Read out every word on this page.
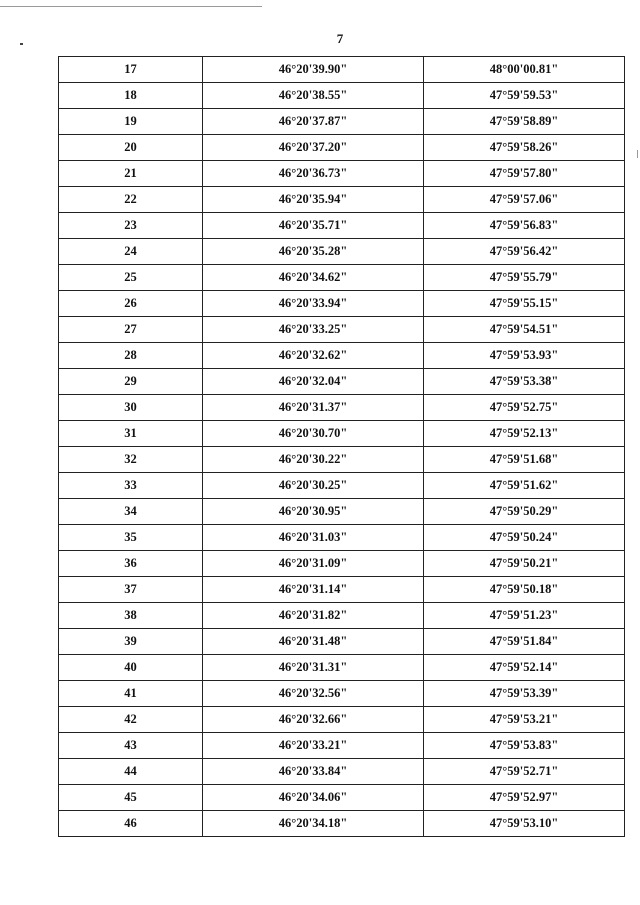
7
17	46°20'39.90"	48°00'00.81"
18	46°20'38.55"	47°59'59.53"
19	46°20'37.87"	47°59'58.89"
20	46°20'37.20"	47°59'58.26"
21	46°20'36.73"	47°59'57.80"
22	46°20'35.94"	47°59'57.06"
23	46°20'35.71"	47°59'56.83"
24	46°20'35.28"	47°59'56.42"
25	46°20'34.62"	47°59'55.79"
26	46°20'33.94"	47°59'55.15"
27	46°20'33.25"	47°59'54.51"
28	46°20'32.62"	47°59'53.93"
29	46°20'32.04"	47°59'53.38"
30	46°20'31.37"	47°59'52.75"
31	46°20'30.70"	47°59'52.13"
32	46°20'30.22"	47°59'51.68"
33	46°20'30.25"	47°59'51.62"
34	46°20'30.95"	47°59'50.29"
35	46°20'31.03"	47°59'50.24"
36	46°20'31.09"	47°59'50.21"
37	46°20'31.14"	47°59'50.18"
38	46°20'31.82"	47°59'51.23"
39	46°20'31.48"	47°59'51.84"
40	46°20'31.31"	47°59'52.14"
41	46°20'32.56"	47°59'53.39"
42	46°20'32.66"	47°59'53.21"
43	46°20'33.21"	47°59'53.83"
44	46°20'33.84"	47°59'52.71"
45	46°20'34.06"	47°59'52.97"
46	46°20'34.18"	47°59'53.10"
